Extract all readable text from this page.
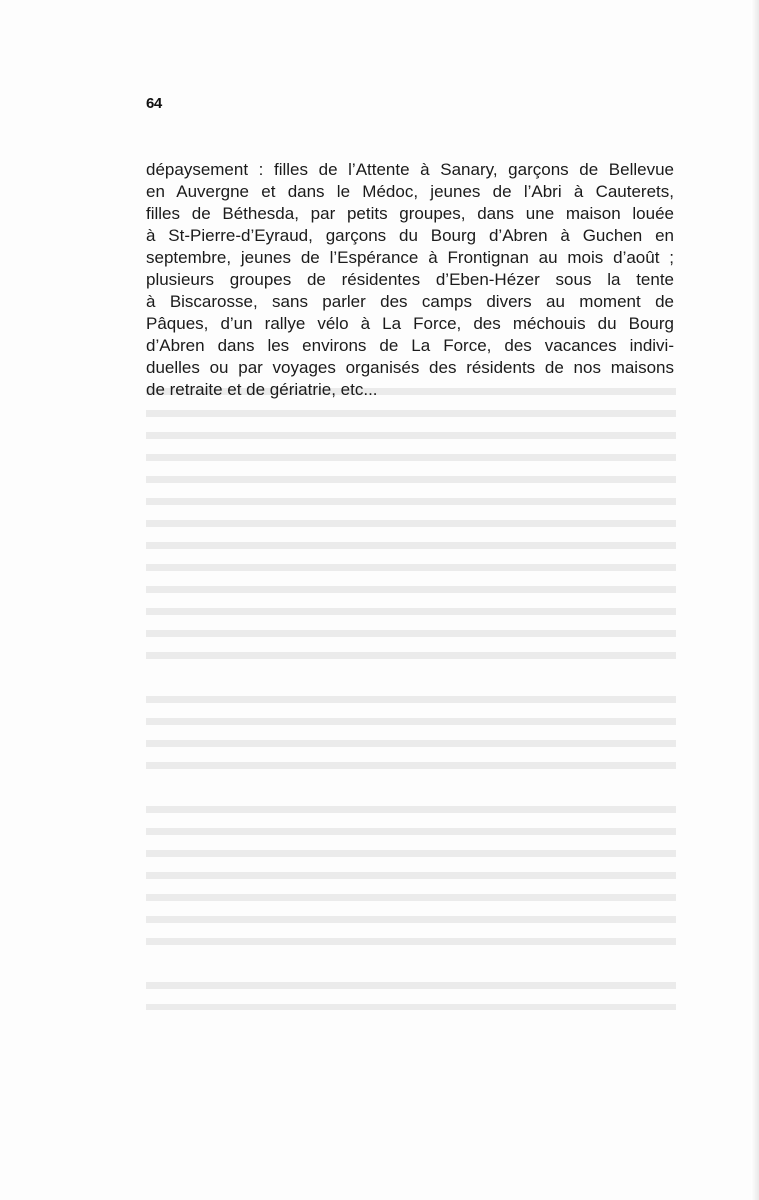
64
dépaysement : filles de l’Attente à Sanary, garçons de Bellevue
en Auvergne et dans le Médoc, jeunes de l’Abri à Cauterets,
filles de Béthesda, par petits groupes, dans une maison louée
à St-Pierre-d’Eyraud, garçons du Bourg d’Abren à Guchen en
septembre, jeunes de l’Espérance à Frontignan au mois d’août ;
plusieurs groupes de résidentes d’Eben-Hézer sous la tente
à Biscarosse, sans parler des camps divers au moment de
Pâques, d’un rallye vélo à La Force, des méchouis du Bourg
d’Abren dans les environs de La Force, des vacances indivi-
duelles ou par voyages organisés des résidents de nos maisons
de retraite et de gériatrie, etc...
